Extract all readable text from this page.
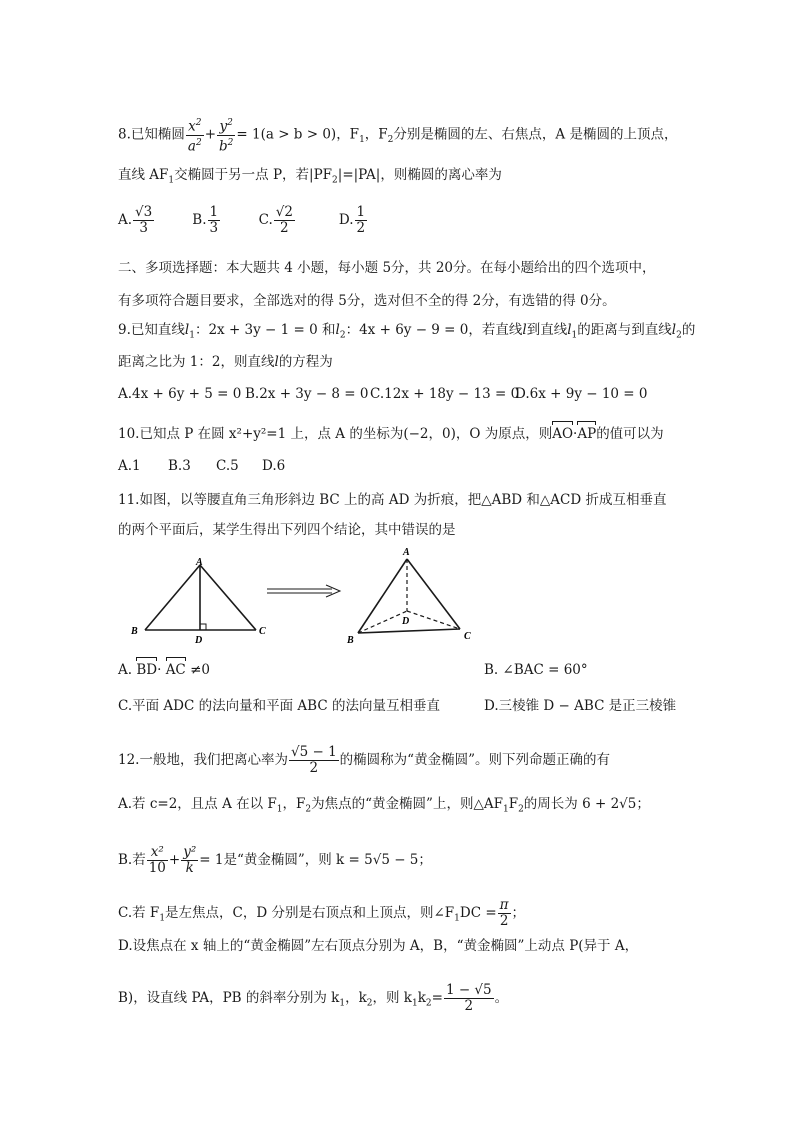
8.已知椭圆 $\frac{x^2}{a^2} + \frac{y^2}{b^2} = 1(a > b > 0)$，$F_1$，$F_2$分别是椭圆的左、右焦点，A 是椭圆的上顶点，
直线 $AF_1$交椭圆于另一点 P，若$|PF_2|=|PA|$，则椭圆的离心率为
A. $\frac{√3}{3}$	B. $\frac{1}{3}$	C. $\frac{√2}{2}$	D. $\frac{1}{2}$
二、多项选择题：本大题共 4 小题，每小题 5分，共 20分。在每小题给出的四个选项中，
有多项符合题目要求，全部选对的得 5分，选对但不全的得 2分，有选错的得 0分。
9.已知直线$l_1$：2x + 3y − 1 = 0 和$l_2$：4x + 6y − 9 = 0，若直线l到直线$l_1$的距离与到直线$l_2$的
距离之比为 1：2，则直线l的方程为
A.4x + 6y + 5 = 0 B.2x + 3y − 8 = 0 C.12x + 18y − 13 = 0D.6x + 9y − 10 = 0
10.已知点 P 在圆 x²+y²=1 上，点 A 的坐标为(−2，0)，O 为原点，则AO·AP的值可以为
A.1 B.3 C.5 D.6
11.如图，以等腰直角三角形斜边 BC 上的高 AD 为折痕，把△ABD 和△ACD 折成互相垂直
的两个平面后，某学生得出下列四个结论，其中错误的是
A
B
D
C
A
D
B	C
A. BD· AC ≠0	B. ∠BAC = 60°
C.平面 ADC 的法向量和平面 ABC 的法向量互相垂直	D.三棱锥 D − ABC 是正三棱锥
12.一般地，我们把离心率为 $\frac{√5 - 1}{2}$ 的椭圆称为“黄金椭圆”。则下列命题正确的有
A.若 c=2，且点 A 在以 $F_1$，$F_2$为焦点的“黄金椭圆”上，则$\triangle AF_1F_2$的周长为 6 + 2√5；
B.若 $\frac{\text{x²}}{10} + \frac{\text{y²}}{k} = 1$是“黄金椭圆”，则 k = 5√5 − 5；
C.若 $F_1$是左焦点，C，D 分别是右顶点和上顶点，则$\angle F_1DC = \frac{\pi}{2}$ ；
D.设焦点在 x 轴上的“黄金椭圆”左右顶点分别为 A，B，“黄金椭圆”上动点 P(异于 A，
B)，设直线 PA，PB 的斜率分别为 $k_1$，$k_2$，则 $k_1k_2= \frac{1 - √5}{2}$ 。
